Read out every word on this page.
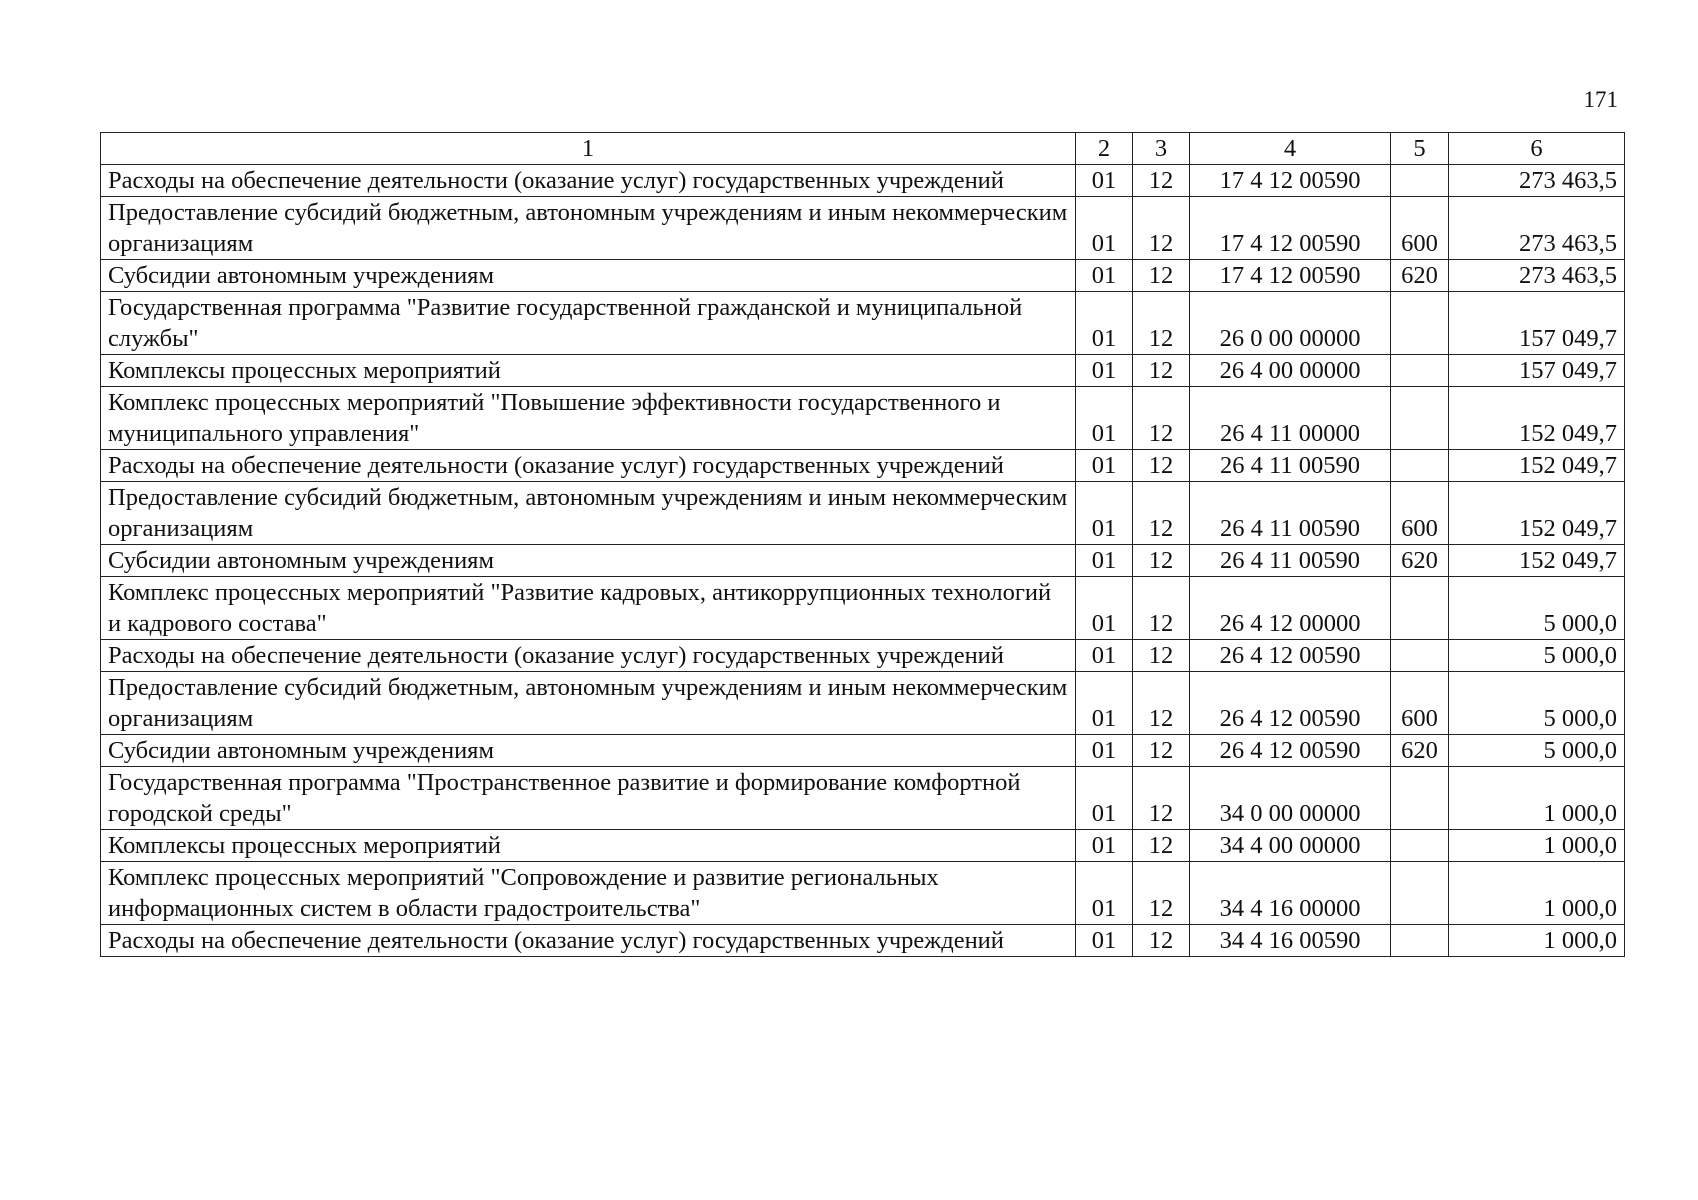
171
1	2	3	4	5	6
Расходы на обеспечение деятельности (оказание услуг) государственных учреждений	01	12	17 4 12 00590		273 463,5
Предоставление субсидий бюджетным, автономным учреждениям и иным некоммерческим организациям	01	12	17 4 12 00590	600	273 463,5
Субсидии автономным учреждениям	01	12	17 4 12 00590	620	273 463,5
Государственная программа "Развитие государственной гражданской и муниципальной службы"	01	12	26 0 00 00000		157 049,7
Комплексы процессных мероприятий	01	12	26 4 00 00000		157 049,7
Комплекс процессных мероприятий "Повышение эффективности государственного и муниципального управления"	01	12	26 4 11 00000		152 049,7
Расходы на обеспечение деятельности (оказание услуг) государственных учреждений	01	12	26 4 11 00590		152 049,7
Предоставление субсидий бюджетным, автономным учреждениям и иным некоммерческим организациям	01	12	26 4 11 00590	600	152 049,7
Субсидии автономным учреждениям	01	12	26 4 11 00590	620	152 049,7
Комплекс процессных мероприятий "Развитие кадровых, антикоррупционных технологий и кадрового состава"	01	12	26 4 12 00000		5 000,0
Расходы на обеспечение деятельности (оказание услуг) государственных учреждений	01	12	26 4 12 00590		5 000,0
Предоставление субсидий бюджетным, автономным учреждениям и иным некоммерческим организациям	01	12	26 4 12 00590	600	5 000,0
Субсидии автономным учреждениям	01	12	26 4 12 00590	620	5 000,0
Государственная программа "Пространственное развитие и формирование комфортной городской среды"	01	12	34 0 00 00000		1 000,0
Комплексы процессных мероприятий	01	12	34 4 00 00000		1 000,0
Комплекс процессных мероприятий "Сопровождение и развитие региональных информационных систем в области градостроительства"	01	12	34 4 16 00000		1 000,0
Расходы на обеспечение деятельности (оказание услуг) государственных учреждений	01	12	34 4 16 00590		1 000,0
